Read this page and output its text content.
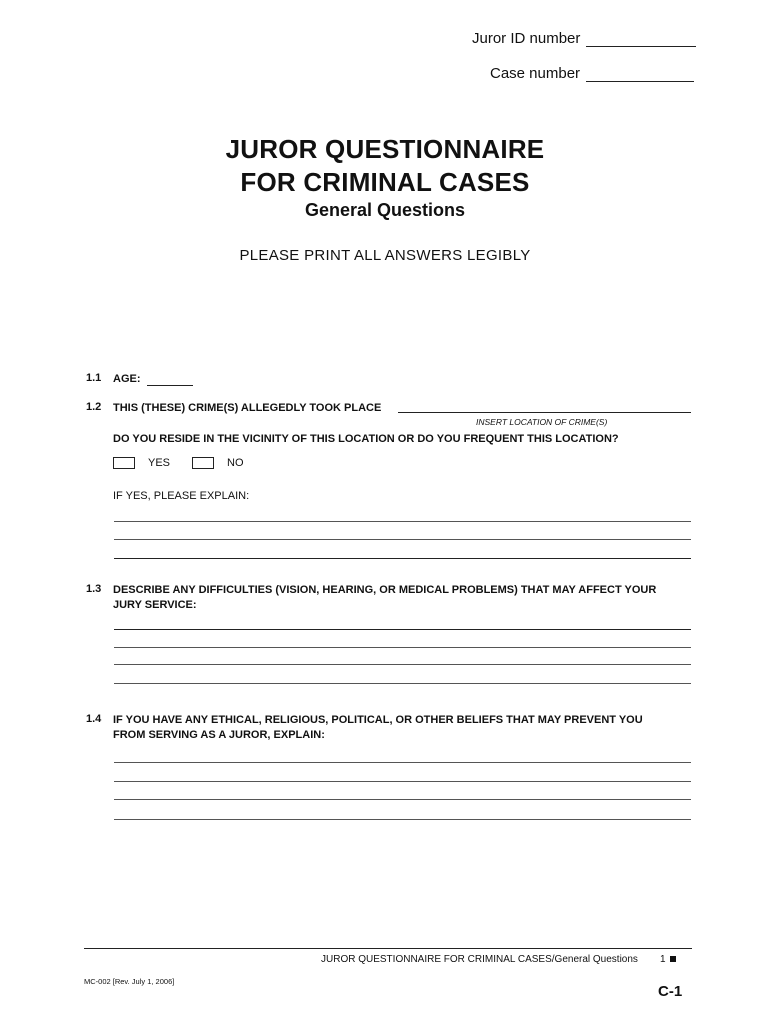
Juror ID number
Case number
JUROR QUESTIONNAIRE
FOR CRIMINAL CASES
General Questions
PLEASE PRINT ALL ANSWERS LEGIBLY
1.1 AGE:
1.2 THIS (THESE) CRIME(S) ALLEGEDLY TOOK PLACE
INSERT LOCATION OF CRIME(S)
DO YOU RESIDE IN THE VICINITY OF THIS LOCATION OR DO YOU FREQUENT THIS LOCATION?
YES	NO
IF YES, PLEASE EXPLAIN:
1.3 DESCRIBE ANY DIFFICULTIES (VISION, HEARING, OR MEDICAL PROBLEMS) THAT MAY AFFECT YOUR
JURY SERVICE:
1.4 IF YOU HAVE ANY ETHICAL, RELIGIOUS, POLITICAL, OR OTHER BELIEFS THAT MAY PREVENT YOU
FROM SERVING AS A JUROR, EXPLAIN:
JUROR QUESTIONNAIRE FOR CRIMINAL CASES/General Questions 1
MC-002 [Rev. July 1, 2006]
C-1
